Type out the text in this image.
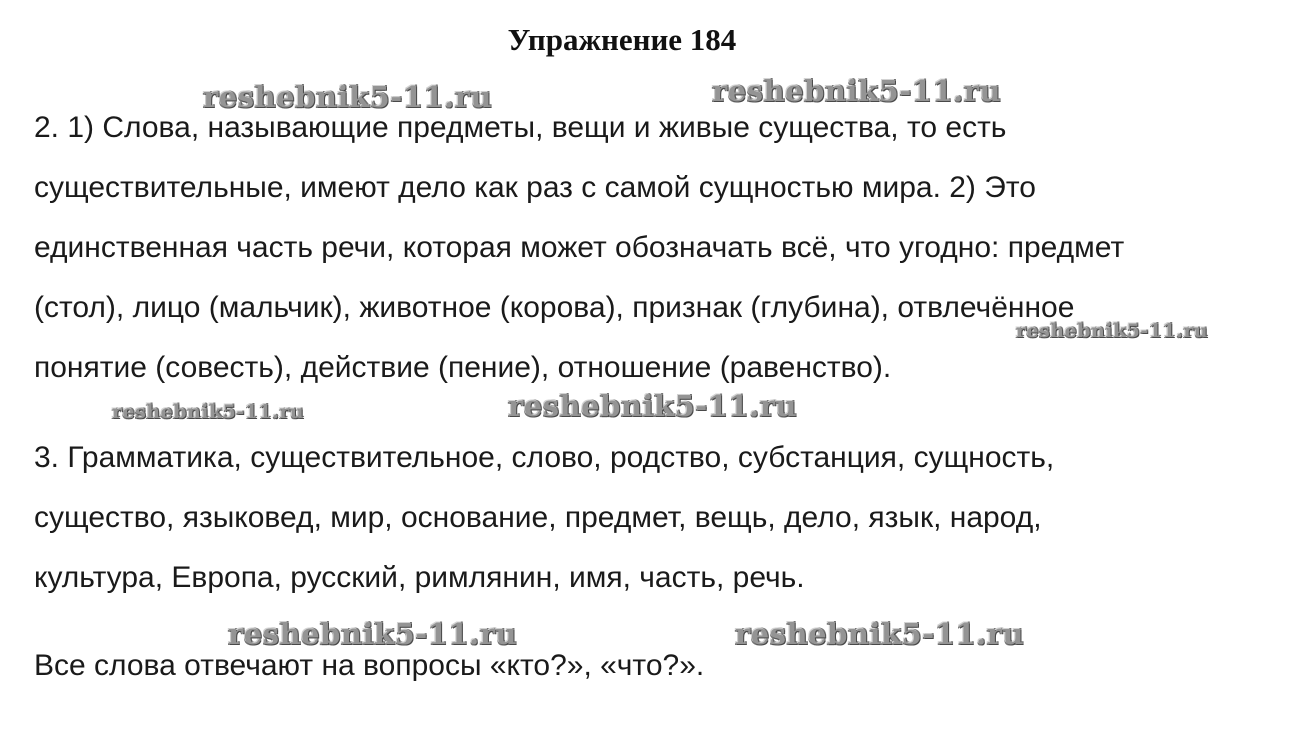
Упражнение 184
2. 1) Слова, называющие предметы, вещи и живые существа, то есть
существительные, имеют дело как раз с самой сущностью мира. 2) Это
единственная часть речи, которая может обозначать всё, что угодно: предмет
(стол), лицо (мальчик), животное (корова), признак (глубина), отвлечённое
понятие (совесть), действие (пение), отношение (равенство).
3. Грамматика, существительное, слово, родство, субстанция, сущность,
существо, языковед, мир, основание, предмет, вещь, дело, язык, народ,
культура, Европа, русский, римлянин, имя, часть, речь.
Все слова отвечают на вопросы «кто?», «что?».
reshebnik5-11.ru	reshebnik5-11.ru
reshebnik5-11.ru
reshebnik5-11.ru	reshebnik5-11.ru
reshebnik5-11.ru	reshebnik5-11.ru
